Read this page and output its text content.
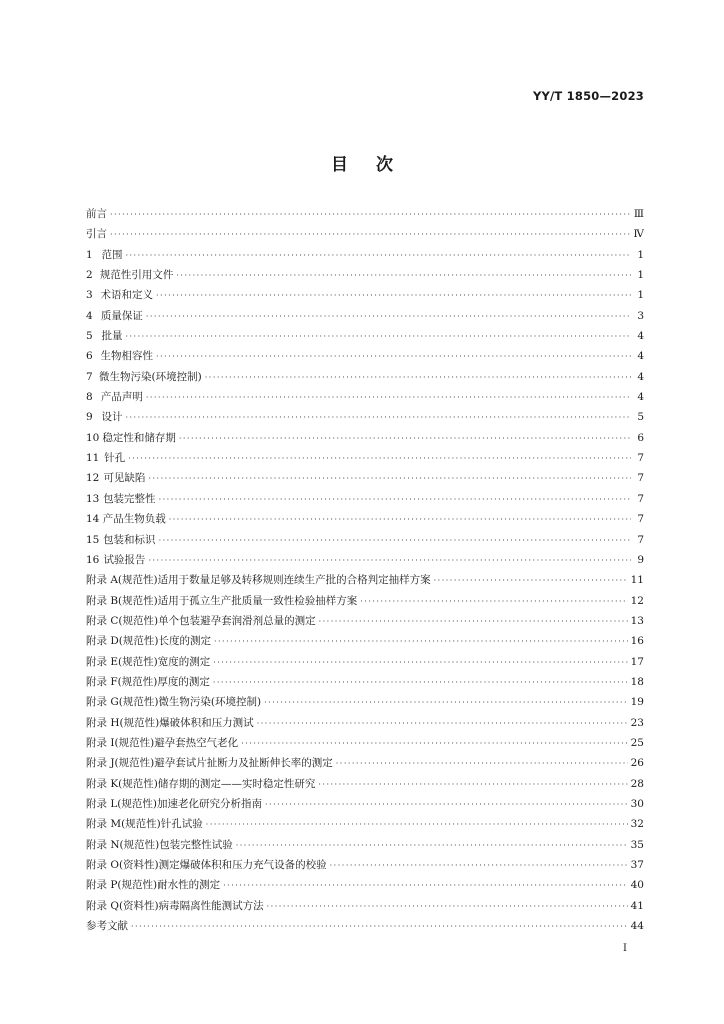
YY/T 1850—2023
目次
前言 ·····	Ⅲ
引言 ·····	Ⅳ
1 范围 ·····	1
2 规范性引用文件 ·····	1
3 术语和定义 ·····	1
4 质量保证 ·····	3
5 批量 ·····	4
6 生物相容性 ·····	4
7 微生物污染(环境控制) ·····	4
8 产品声明 ·····	4
9 设计 ·····	5
10 稳定性和储存期 ·····	6
11 针孔 ·····	7
12 可见缺陷 ·····	7
13 包装完整性 ·····	7
14 产品生物负载 ·····	7
15 包装和标识 ·····	7
16 试验报告 ·····	9
附录 A(规范性) 适用于数量足够及转移规则连续生产批的合格判定抽样方案 ·····	11
附录 B(规范性) 适用于孤立生产批质量一致性检验抽样方案 ·····	12
附录 C(规范性) 单个包装避孕套润滑剂总量的测定 ·····	13
附录 D(规范性) 长度的测定 ·····	16
附录 E(规范性) 宽度的测定 ·····	17
附录 F(规范性) 厚度的测定 ·····	18
附录 G(规范性) 微生物污染(环境控制) ·····	19
附录 H(规范性) 爆破体积和压力测试 ·····	23
附录 I(规范性) 避孕套热空气老化 ·····	25
附录 J(规范性) 避孕套试片扯断力及扯断伸长率的测定 ·····	26
附录 K(规范性) 储存期的测定——实时稳定性研究 ·····	28
附录 L(规范性) 加速老化研究分析指南 ·····	30
附录 M(规范性) 针孔试验 ·····	32
附录 N(规范性) 包装完整性试验 ·····	35
附录 O(资料性) 测定爆破体积和压力充气设备的校验 ·····	37
附录 P(规范性) 耐水性的测定 ·····	40
附录 Q(资料性) 病毒隔离性能测试方法 ·····	41
参考文献 ·····	44
I
